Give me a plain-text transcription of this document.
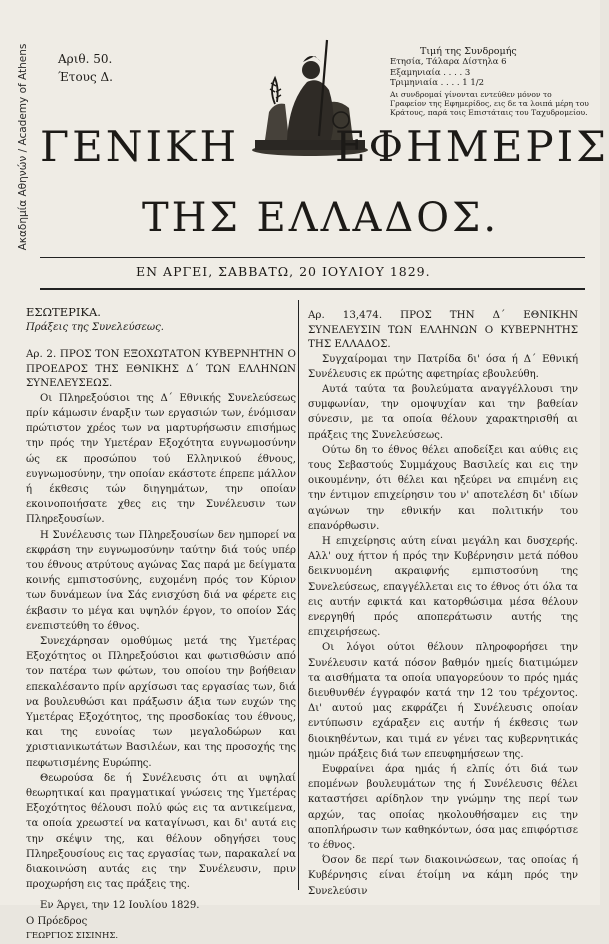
Ακαδημία Αθηνών / Academy of Athens Αριθ. 50.
Έτους Δ.
Τιμή της Συνδρομής
Ετησία, Τάλαρα Δίστηλα 6
Εξαμηνιαία . . . . 3
Τριμηνιαία . . . . 1 1/2
Αι συνδρομαί γίνονται εντεύθεν μόνον το Γραφείον της Εφημερίδος, εις δε τα λοιπά μέρη του Κράτους, παρά τοις Επιστάταις του Ταχυδρομείου.
ΓΕΝΙΚΗ ΕΦΗΜΕΡΙΣ
ΤΗΣ ΕΛΛΑΔΟΣ.
ΕΝ ΑΡΓΕΙ, ΣΑΒΒΑΤΩ, 20 ΙΟΥΛΙΟΥ 1829.

ΕΣΩΤΕΡΙΚΑ.

Πράξεις της Συνελεύσεως.

Αρ. 2. ΠΡΟΣ ΤΟΝ ΕΞΟΧΩΤΑΤΟΝ ΚΥΒΕΡΝΗΤΗΝ Ο ΠΡΟΕΔΡΟΣ ΤΗΣ ΕΘΝΙΚΗΣ Δ΄ ΤΩΝ ΕΛΛΗΝΩΝ ΣΥΝΕΛΕΥΣΕΩΣ.

Οι Πληρεξούσιοι της Δ΄ Εθνικής Συνελεύσεως πρίν κάμωσιν έναρξιν των εργασιών των, ένόμισαν πρώτιστον χρέος των να μαρτυρήσωσιν επισήμως την πρός την Υμετέραν Εξοχότητα ευγνωμοσύνην ώς εκ προσώπου τού Ελληνικού έθνους, ευγνωμοσύνην, την οποίαν εκάστοτε έπρεπε μάλλον ή έκθεσις τών διηγημάτων, την οποίαν εκοινοποιήσατε χθες εις την Συνέλευσιν των Πληρεξουσίων.

Η Συνέλευσις των Πληρεξουσίων δεν ημπορεί να εκφράση την ευγνωμοσύνην ταύτην διά τούς υπέρ του έθνους ατρύτους αγώνας Σας παρά με δείγματα κοινής εμπιστοσύνης, ευχομένη πρός τον Κύριον των δυνάμεων ίνα Σάς ενισχύση διά να φέρετε εις έκβασιν το μέγα και υψηλόν έργον, το οποίον Σάς ενεπιστεύθη το έθνος.

Συνεχάρησαν ομοθύμως μετά της Υμετέρας Εξοχότητος οι Πληρεξούσιοι και φωτισθώσιν από τον πατέρα των φώτων, του οποίου την βοήθειαν επεκαλέσαντο πρίν αρχίσωσι τας εργασίας των, διά να βουλευθώσι και πράξωσιν άξια των ευχών της Υμετέρας Εξοχότητος, της προσδοκίας του έθνους, και της ευνοίας των μεγαλοδώρων και χριστιανικωτάτων Βασιλέων, και της προσοχής της πεφωτισμένης Ευρώπης.

Θεωρούσα δε ή Συνέλευσις ότι αι υψηλαί θεωρητικαί και πραγματικαί γνώσεις της Υμετέρας Εξοχότητος θέλουσι πολύ φώς εις τα αντικείμενα, τα οποία χρεωστεί να καταγίνωσι, και δι' αυτά εις την σκέψιν της, και θέλουν οδηγήσει τους Πληρεξουσίους εις τας εργασίας των, παρακαλεί να διακοινώση αυτάς εις την Συνέλευσιν, πριν προχωρήση εις τας πράξεις της.

Εν Άργει, την 12 Ιουλίου 1829.

Ο Πρόεδρος

ΓΕΩΡΓΙΟΣ ΣΙΣΙΝΗΣ.

Αρ. 13,474. ΠΡΟΣ ΤΗΝ Δ΄ ΕΘΝΙΚΗΝ ΣΥΝΕΛΕΥΣΙΝ ΤΩΝ ΕΛΛΗΝΩΝ Ο ΚΥΒΕΡΝΗΤΗΣ ΤΗΣ ΕΛΛΑΔΟΣ.

Συγχαίρομαι την Πατρίδα δι' όσα ή Δ΄ Εθνική Συνέλευσις εκ πρώτης αφετηρίας εβουλεύθη.

Αυτά ταύτα τα βουλεύματα αναγγέλλουσι την συμφωνίαν, την ομοψυχίαν και την βαθείαν σύνεσιν, με τα οποία θέλουν χαρακτηρισθή αι πράξεις της Συνελεύσεως.

Ούτω δη το έθνος θέλει αποδείξει και αύθις εις τους Σεβαστούς Συμμάχους Βασιλείς και εις την οικουμένην, ότι θέλει και ηξεύρει να επιμένη εις την έντιμον επιχείρησιν του ν' αποτελέση δι' ιδίων αγώνων την εθνικήν και πολιτικήν του επανόρθωσιν.

Η επιχείρησις αύτη είναι μεγάλη και δυσχερής. Αλλ' ουχ ήττον ή πρός την Κυβέρνησιν μετά πόθου δεικνυομένη ακραιφνής εμπιστοσύνη της Συνελεύσεως, επαγγέλλεται εις το έθνος ότι όλα τα εις αυτήν εφικτά και κατορθώσιμα μέσα θέλουν ενεργηθή πρός αποπεράτωσιν αυτής της επιχειρήσεως.

Οι λόγοι ούτοι θέλουν πληροφορήσει την Συνέλευσιν κατά πόσον βαθμόν ημείς διατιμώμεν τα αισθήματα τα οποία υπαγορεύουν το πρός ημάς διευθυνθέν έγγραφόν κατά την 12 του τρέχοντος. Δι' αυτού μας εκφράζει ή Συνέλευσις οποίαν εντύπωσιν εχάραξεν εις αυτήν ή έκθεσις των διοικηθέντων, και τιμά εν γένει τας κυβερνητικάς ημών πράξεις διά των επευφημήσεων της.

Ευφραίνει άρα ημάς ή ελπίς ότι διά των επομένων βουλευμάτων της ή Συνέλευσις θέλει καταστήσει αρίδηλον την γνώμην της περί των αρχών, τας οποίας ηκολουθήσαμεν εις την αποπλήρωσιν των καθηκόντων, όσα μας επιφόρτισε το έθνος.

Όσον δε περί των διακοινώσεων, τας οποίας ή Κυβέρνησις είναι έτοίμη να κάμη πρός την Συνελεύσιν
